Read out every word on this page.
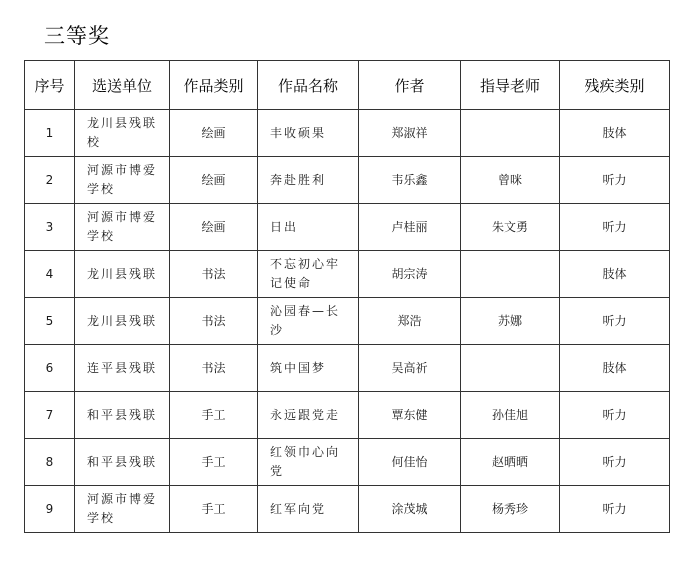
三等奖
序号	选送单位	作品类别	作品名称	作者	指导老师	残疾类别
1	龙川县残联校	绘画	丰收硕果	郑淑祥		肢体
2	河源市博爱学校	绘画	奔赴胜利	韦乐鑫	曾咪	听力
3	河源市博爱学校	绘画	日出	卢桂丽	朱文勇	听力
4	龙川县残联	书法	不忘初心牢记使命	胡宗涛		肢体
5	龙川县残联	书法	沁园春—长沙	郑浩	苏娜	听力
6	连平县残联	书法	筑中国梦	吴高祈		肢体
7	和平县残联	手工	永远跟党走	覃东健	孙佳旭	听力
8	和平县残联	手工	红领巾心向党	何佳怡	赵晒晒	听力
9	河源市博爱学校	手工	红军向党	涂茂城	杨秀珍	听力
